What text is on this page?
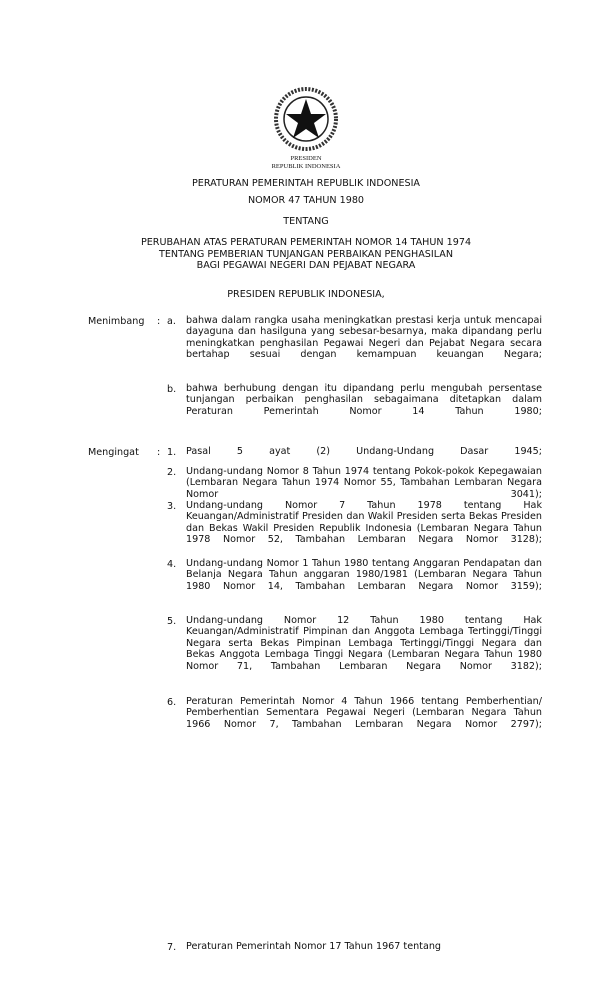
PRESIDEN
REPUBLIK INDONESIA
PERATURAN PEMERINTAH REPUBLIK INDONESIA
NOMOR 47 TAHUN 1980
TENTANG
PERUBAHAN ATAS PERATURAN PEMERINTAH NOMOR 14 TAHUN 1974
TENTANG PEMBERIAN TUNJANGAN PERBAIKAN PENGHASILAN
BAGI PEGAWAI NEGERI DAN PEJABAT NEGARA
PRESIDEN REPUBLIK INDONESIA,
Menimbang : a. bahwa dalam rangka usaha meningkatkan prestasi kerja untuk mencapai dayaguna dan hasilguna yang sebesar-besarnya, maka dipandang perlu meningkatkan penghasilan Pegawai Negeri dan Pejabat Negara secara bertahap sesuai dengan kemampuan keuangan Negara;
b. bahwa berhubung dengan itu dipandang perlu mengubah persentase tunjangan perbaikan penghasilan sebagaimana ditetapkan dalam Peraturan Pemerintah Nomor 14 Tahun 1980;
Mengingat : 1. Pasal 5 ayat (2) Undang-Undang Dasar 1945;
2. Undang-undang Nomor 8 Tahun 1974 tentang Pokok-pokok Kepegawaian (Lembaran Negara Tahun 1974 Nomor 55, Tambahan Lembaran Negara Nomor 3041);
3. Undang-undang Nomor 7 Tahun 1978 tentang Hak Keuangan/Administratif Presiden dan Wakil Presiden serta Bekas Presiden dan Bekas Wakil Presiden Republik Indonesia (Lembaran Negara Tahun 1978 Nomor 52, Tambahan Lembaran Negara Nomor 3128);
4. Undang-undang Nomor 1 Tahun 1980 tentang Anggaran Pendapatan dan Belanja Negara Tahun anggaran 1980/1981 (Lembaran Negara Tahun 1980 Nomor 14, Tambahan Lembaran Negara Nomor 3159);
5. Undang-undang Nomor 12 Tahun 1980 tentang Hak Keuangan/Administratif Pimpinan dan Anggota Lembaga Tertinggi/Tinggi Negara serta Bekas Pimpinan Lembaga Tertinggi/Tinggi Negara dan Bekas Anggota Lembaga Tinggi Negara (Lembaran Negara Tahun 1980 Nomor 71, Tambahan Lembaran Negara Nomor 3182);
6. Peraturan Pemerintah Nomor 4 Tahun 1966 tentang Pemberhentian/ Pemberhentian Sementara Pegawai Negeri (Lembaran Negara Tahun 1966 Nomor 7, Tambahan Lembaran Negara Nomor 2797);
7. Peraturan Pemerintah Nomor 17 Tahun 1967 tentang
